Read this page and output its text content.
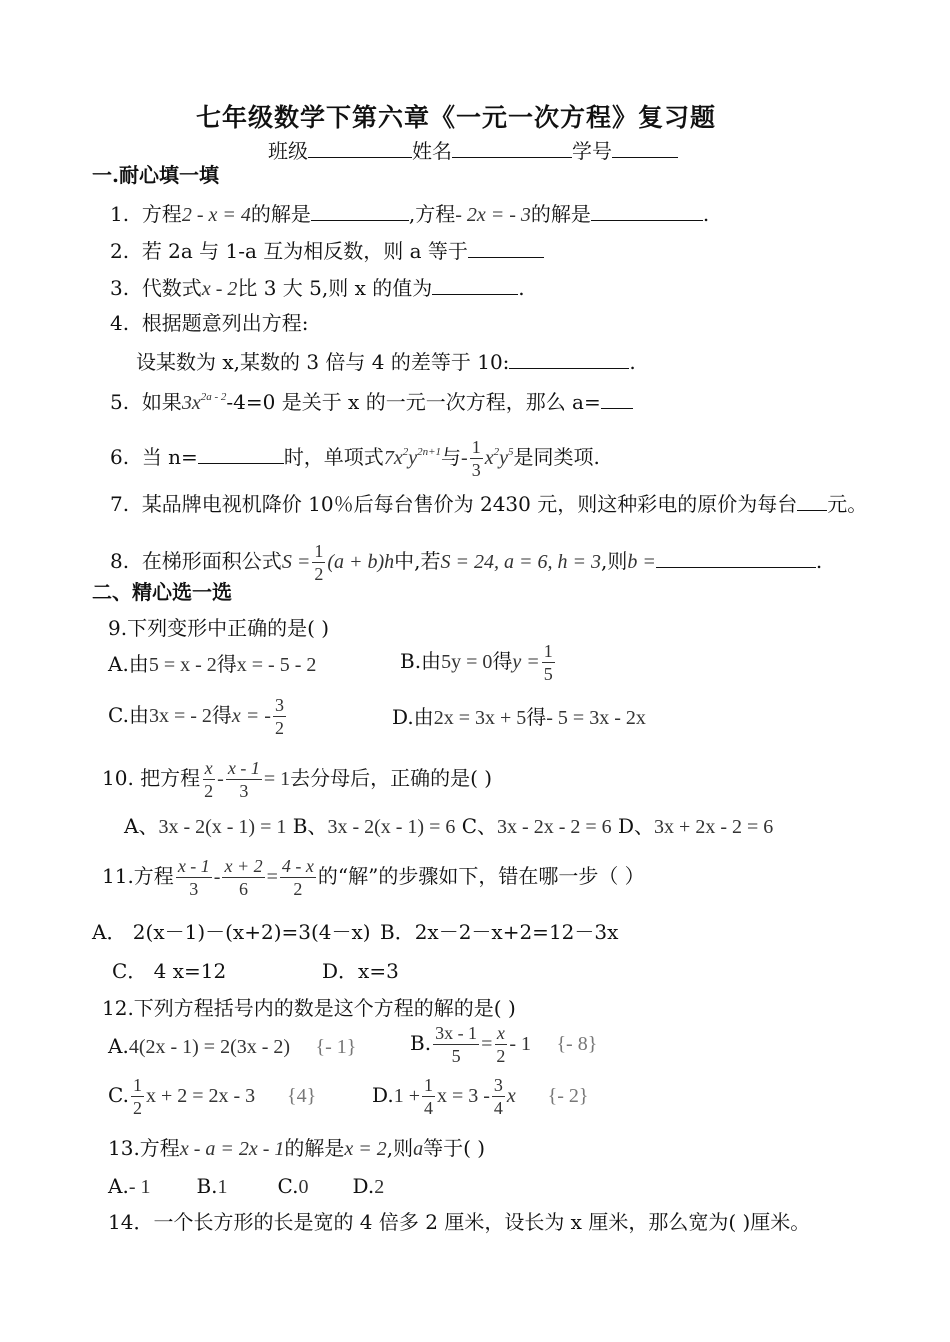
七年级数学下第六章《一元一次方程》复习题
班级	姓名	学号
一.耐心填一填
1. 方程2 - x = 4的解是	,方程- 2x = - 3的解是	.
2. 若 2a 与 1-a 互为相反数，则 a 等于
3. 代数式x - 2比 3 大 5,则 x 的值为	.
4. 根据题意列出方程:
设某数为 x,某数的 3 倍与 4 的差等于 10:	.
5. 如果$3x^{2a - 2}-4=0$ 是关于 x 的一元一次方程，那么 a=
6. 当 n=	时，单项式$7x^2y^{2n+1}$与- $\frac{1}{3} x^2y^5$是同类项.
7. 某品牌电视机降价 10％后每台售价为 2430 元，则这种彩电的原价为每台 元。
8. 在梯形面积公式$S = \frac{1}{2} (a + b)h$中,若S = 24, a = 6, h = 3,则b =	.
二、精心选一选
9.下列变形中正确的是( )
A.由5 = x - 2得x = - 5 - 2	B.由5y = 0得$y = \frac{1}{5}$
C.由3x = - 2得x = - $\frac{3}{2}$	D.由2x = 3x + 5得- 5 = 3x - 2x
10. 把方程 $\frac{x}{2} - \frac{x - 1}{3} = 1$去分母后，正确的是( )
A、3x - 2(x - 1) = 1 B、3x - 2(x - 1) = 6 C、3x - 2x - 2 = 6 D、3x + 2x - 2 = 6
11.方程 $\frac{x - 1}{3} - \frac{x + 2}{6} = \frac{4 - x}{2}$ 的“解”的步骤如下，错在哪一步（ ）
A． 2(x－1)－(x+2)=3(4－x) B．2x－2－x+2=12－3x
C． 4 x=12	D．x=3
12.下列方程括号内的数是这个方程的解的是( )
A.4(2x - 1) = 2(3x - 2) {- 1}	B. $\frac{3x - 1}{5} = \frac{x}{2} - 1$ {- 8}
C. $\frac{1}{2}$ x + 2 = 2x - 3 {4}	$D.1 + \frac{1}{4}$ $x = 3 - \frac{3}{4}$ x {- 2}
13.方程x - a = 2x - 1的解是x = 2,则a等于( )
A.- 1 B.1	C.0 D.2
14．一个长方形的长是宽的 4 倍多 2 厘米，设长为 x 厘米，那么宽为( )厘米。
